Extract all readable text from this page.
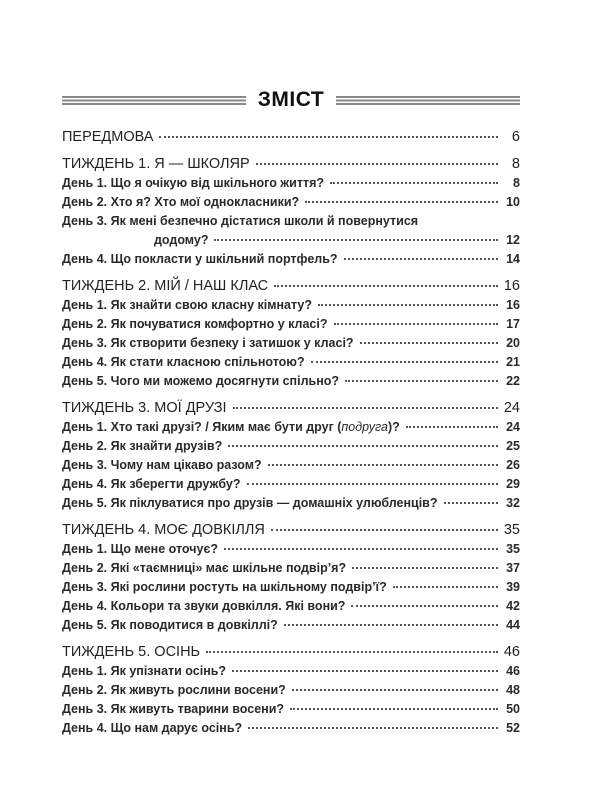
ЗМІСТ
ПЕРЕДМОВА	6
ТИЖДЕНЬ 1. Я — ШКОЛЯР	8
День 1. Що я очікую від шкільного життя?	8
День 2. Хто я? Хто мої однокласники?	10
День 3. Як мені безпечно дістатися школи й повернутися
додому?	12
День 4. Що покласти у шкільний портфель?	14
ТИЖДЕНЬ 2. МІЙ / НАШ КЛАС	16
День 1. Як знайти свою класну кімнату?	16
День 2. Як почуватися комфортно у класі?	17
День 3. Як створити безпеку і затишок у класі?	20
День 4. Як стати класною спільнотою?	21
День 5. Чого ми можемо досягнути спільно?	22
ТИЖДЕНЬ 3. МОЇ ДРУЗІ	24
День 1. Хто такі друзі? / Яким має бути друг (подруга)?	24
День 2. Як знайти друзів?	25
День 3. Чому нам цікаво разом?	26
День 4. Як зберегти дружбу?	29
День 5. Як піклуватися про друзів — домашніх улюбленців?	32
ТИЖДЕНЬ 4. МОЄ ДОВКІЛЛЯ	35
День 1. Що мене оточує?	35
День 2. Які «таємниці» має шкільне подвір’я?	37
День 3. Які рослини ростуть на шкільному подвір’ї?	39
День 4. Кольори та звуки довкілля. Які вони?	42
День 5. Як поводитися в довкіллі?	44
ТИЖДЕНЬ 5. ОСІНЬ	46
День 1. Як упізнати осінь?	46
День 2. Як живуть рослини восени?	48
День 3. Як живуть тварини восени?	50
День 4. Що нам дарує осінь?	52
